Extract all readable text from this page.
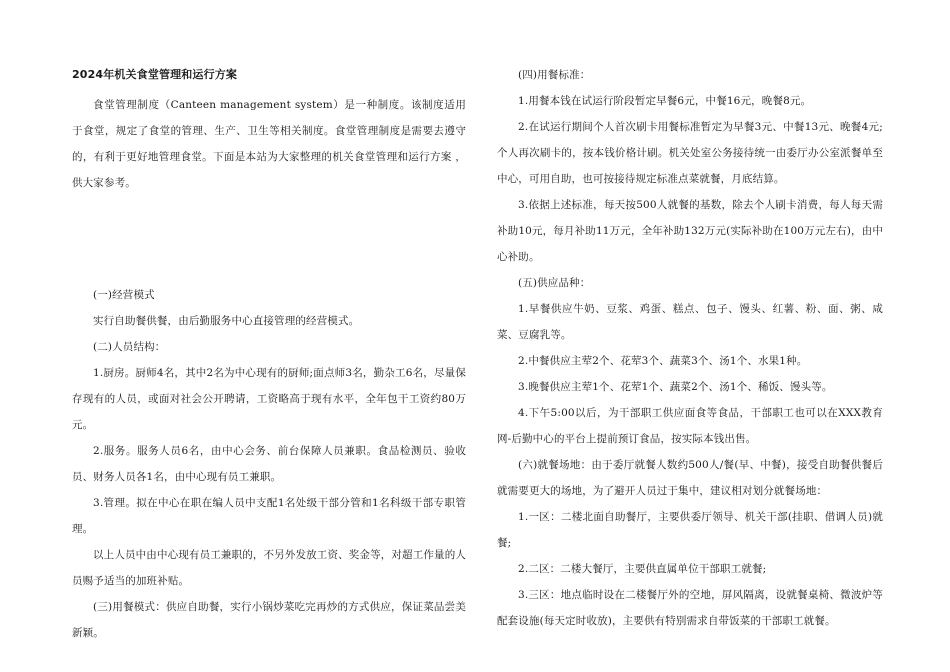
2024年机关食堂管理和运行方案

食堂管理制度（Canteen management system）是一种制度。该制度适用于食堂，规定了食堂的管理、生产、卫生等相关制度。食堂管理制度是需要去遵守的，有利于更好地管理食堂。下面是本站为大家整理的机关食堂管理和运行方案 ，供大家参考。

(一)经营模式

实行自助餐供餐，由后勤服务中心直接管理的经营模式。

(二)人员结构：

1.厨房。厨师4名，其中2名为中心现有的厨师;面点师3名，勤杂工6名，尽量保存现有的人员，或面对社会公开聘请，工资略高于现有水平，全年包干工资约80万元。

2.服务。服务人员6名，由中心会务、前台保障人员兼职。食品检测员、验收员、财务人员各1名，由中心现有员工兼职。

3.管理。拟在中心在职在编人员中支配1名处级干部分管和1名科级干部专职管理。

以上人员中由中心现有员工兼职的，不另外发放工资、奖金等，对超工作量的人员赐予适当的加班补贴。

(三)用餐模式：供应自助餐，实行小锅炒菜吃完再炒的方式供应，保证菜品尝美新颖。

(四)用餐标准：

1.用餐本钱在试运行阶段暂定早餐6元，中餐16元，晚餐8元。

2.在试运行期间个人首次刷卡用餐标准暂定为早餐3元、中餐13元、晚餐4元;个人再次刷卡的，按本钱价格计刷。机关处室公务接待统一由委厅办公室派餐单至中心，可用自助，也可按接待规定标准点菜就餐，月底结算。

3.依据上述标准，每天按500人就餐的基数，除去个人刷卡消费，每人每天需补助10元，每月补助11万元，全年补助132万元(实际补助在100万元左右)，由中心补助。

(五)供应品种：

1.早餐供应牛奶、豆浆、鸡蛋、糕点、包子、馒头、红薯、粉、面、粥、咸菜、豆腐乳等。

2.中餐供应主荤2个、花荤3个、蔬菜3个、汤1个、水果1种。

3.晚餐供应主荤1个、花荤1个、蔬菜2个、汤1个、稀饭、馒头等。

4.下午5:00以后，为干部职工供应面食等食品，干部职工也可以在XXX教育网-后勤中心的平台上提前预订食品，按实际本钱出售。

(六)就餐场地：由于委厅就餐人数约500人/餐(早、中餐)，接受自助餐供餐后就需要更大的场地，为了避开人员过于集中，建议相对划分就餐场地：

1.一区：二楼北面自助餐厅，主要供委厅领导、机关干部(挂职、借调人员)就餐;

2.二区：二楼大餐厅，主要供直属单位干部职工就餐;

3.三区：地点临时设在二楼餐厅外的空地，屏风隔离，设就餐桌椅、微波炉等配套设施(每天定时收放)，主要供有特别需求自带饭菜的干部职工就餐。
